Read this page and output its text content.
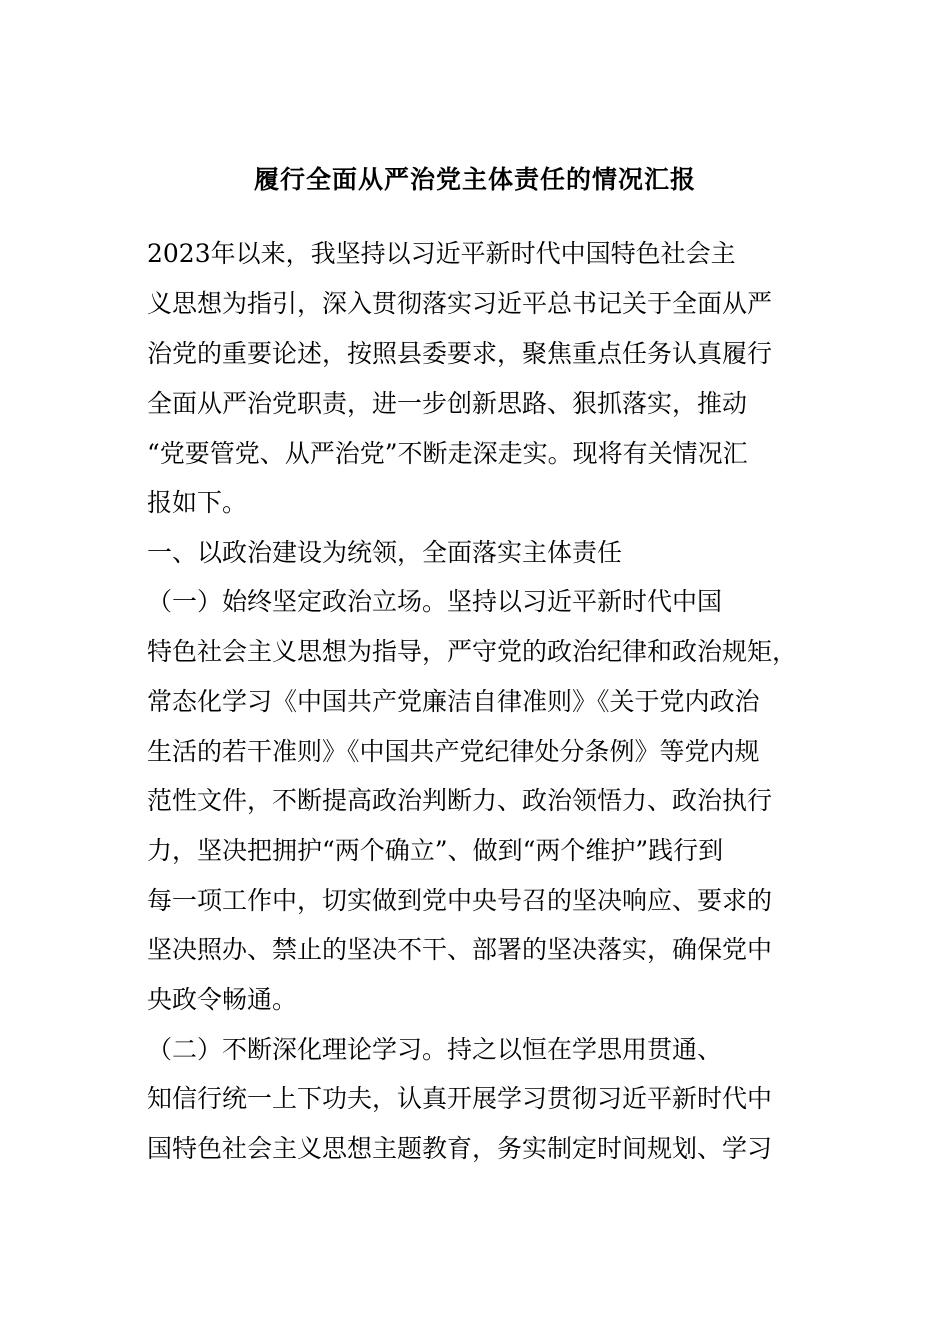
履行全面从严治党主体责任的情况汇报

2023年以来，我坚持以习近平新时代中国特色社会主

义思想为指引，深入贯彻落实习近平总书记关于全面从严

治党的重要论述，按照县委要求，聚焦重点任务认真履行

全面从严治党职责，进一步创新思路、狠抓落实，推动

“党要管党、从严治党”不断走深走实。现将有关情况汇

报如下。

一、以政治建设为统领，全面落实主体责任

（一）始终坚定政治立场。坚持以习近平新时代中国

特色社会主义思想为指导，严守党的政治纪律和政治规矩，

常态化学习《中国共产党廉洁自律准则》《关于党内政治

生活的若干准则》《中国共产党纪律处分条例》等党内规

范性文件，不断提高政治判断力、政治领悟力、政治执行

力，坚决把拥护“两个确立”、做到“两个维护”践行到

每一项工作中，切实做到党中央号召的坚决响应、要求的

坚决照办、禁止的坚决不干、部署的坚决落实，确保党中

央政令畅通。

（二）不断深化理论学习。持之以恒在学思用贯通、

知信行统一上下功夫，认真开展学习贯彻习近平新时代中

国特色社会主义思想主题教育，务实制定时间规划、学习
